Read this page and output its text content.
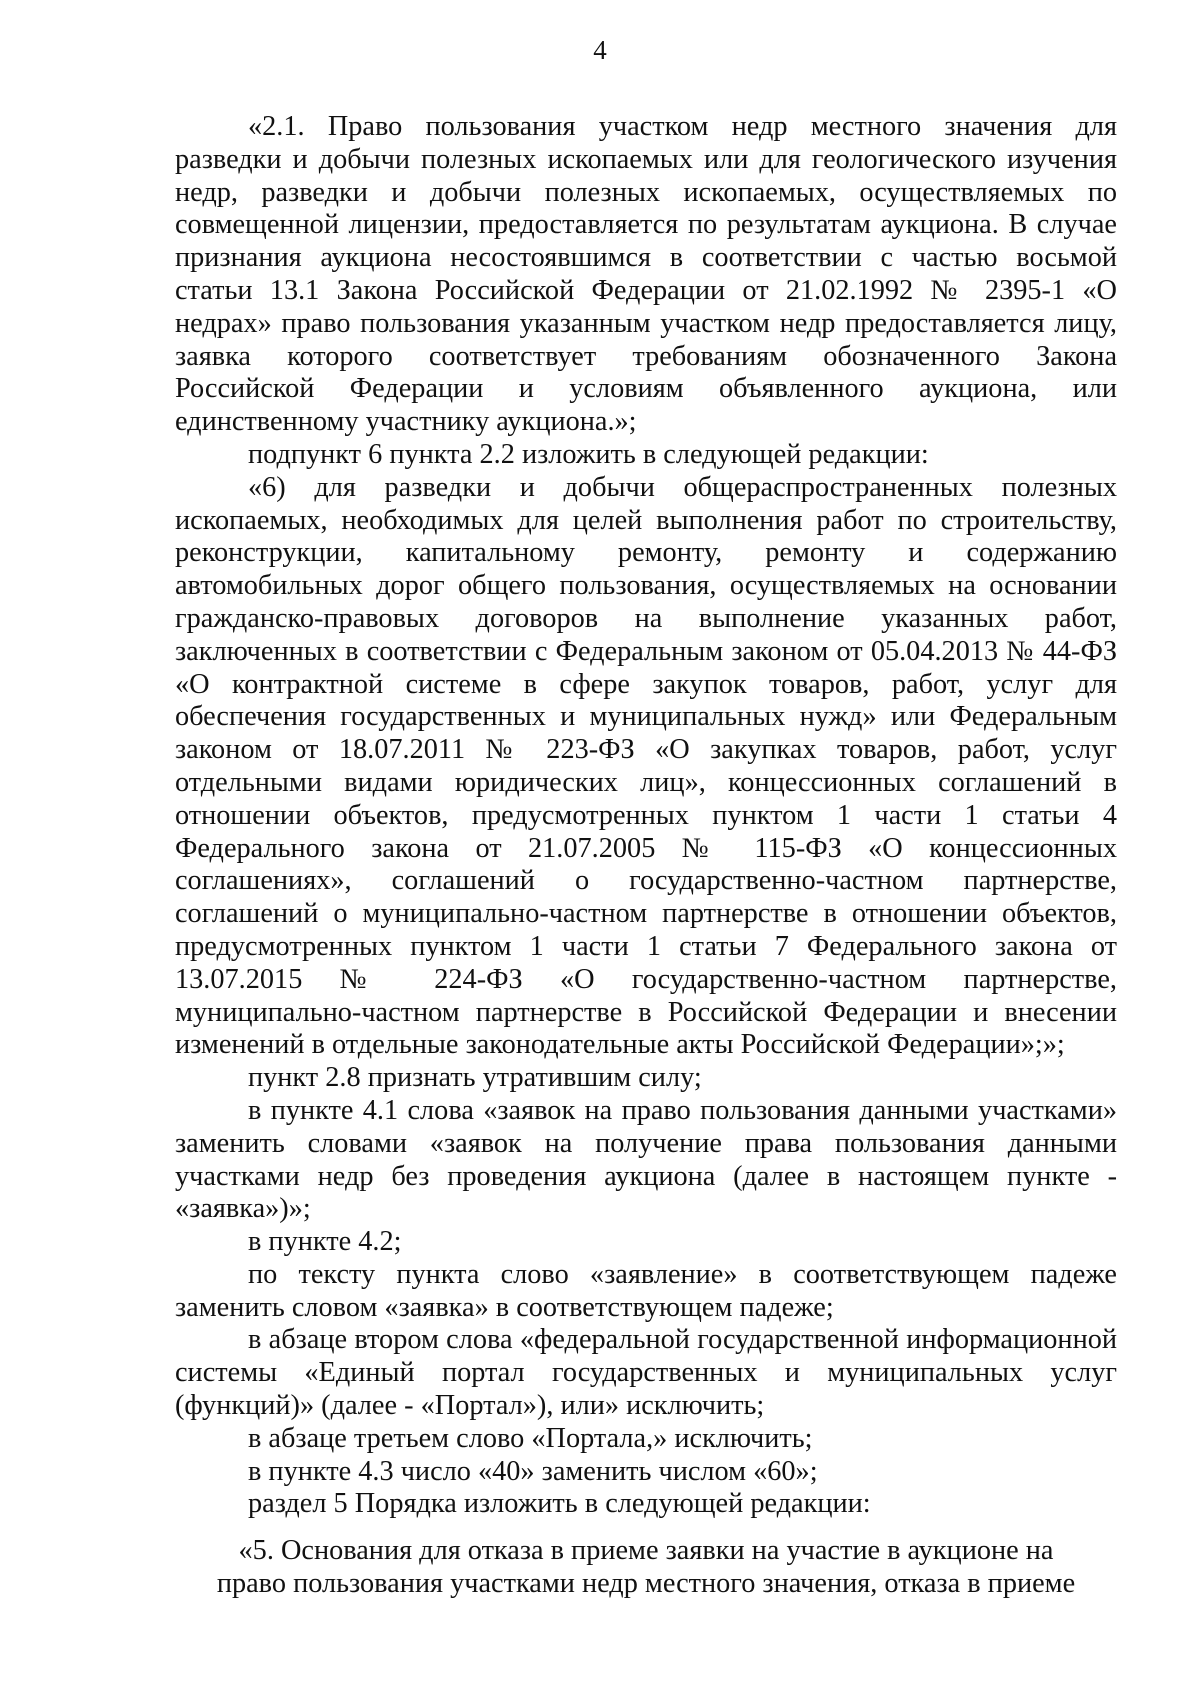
4

«2.1. Право пользования участком недр местного значения для разведки и добычи полезных ископаемых или для геологического изучения недр, разведки и добычи полезных ископаемых, осуществляемых по совмещенной лицензии, предоставляется по результатам аукциона. В случае признания аукциона несостоявшимся в соответствии с частью восьмой статьи 13.1 Закона Российской Федерации от 21.02.1992 № 2395-1 «О недрах» право пользования указанным участком недр предоставляется лицу, заявка которого соответствует требованиям обозначенного Закона Российской Федерации и условиям объявленного аукциона, или единственному участнику аукциона.»;

подпункт 6 пункта 2.2 изложить в следующей редакции:

«6) для разведки и добычи общераспространенных полезных ископаемых, необходимых для целей выполнения работ по строительству, реконструкции, капитальному ремонту, ремонту и содержанию автомобильных дорог общего пользования, осуществляемых на основании гражданско-правовых договоров на выполнение указанных работ, заключенных в соответствии с Федеральным законом от 05.04.2013 № 44-ФЗ «О контрактной системе в сфере закупок товаров, работ, услуг для обеспечения государственных и муниципальных нужд» или Федеральным законом от 18.07.2011 № 223-ФЗ «О закупках товаров, работ, услуг отдельными видами юридических лиц», концессионных соглашений в отношении объектов, предусмотренных пунктом 1 части 1 статьи 4 Федерального закона от 21.07.2005 № 115-ФЗ «О концессионных соглашениях», соглашений о государственно-частном партнерстве, соглашений о муниципально-частном партнерстве в отношении объектов, предусмотренных пунктом 1 части 1 статьи 7 Федерального закона от 13.07.2015 № 224-ФЗ «О государственно-частном партнерстве, муниципально-частном партнерстве в Российской Федерации и внесении изменений в отдельные законодательные акты Российской Федерации»;»;

пункт 2.8 признать утратившим силу;

в пункте 4.1 слова «заявок на право пользования данными участками» заменить словами «заявок на получение права пользования данными участками недр без проведения аукциона (далее в настоящем пункте - «заявка»)»;

в пункте 4.2;

по тексту пункта слово «заявление» в соответствующем падеже заменить словом «заявка» в соответствующем падеже;

в абзаце втором слова «федеральной государственной информационной системы «Единый портал государственных и муниципальных услуг (функций)» (далее - «Портал»), или» исключить;

в абзаце третьем слово «Портала,» исключить;

в пункте 4.3 число «40» заменить числом «60»;

раздел 5 Порядка изложить в следующей редакции:

«5. Основания для отказа в приеме заявки на участие в аукционе на
право пользования участками недр местного значения, отказа в приеме
